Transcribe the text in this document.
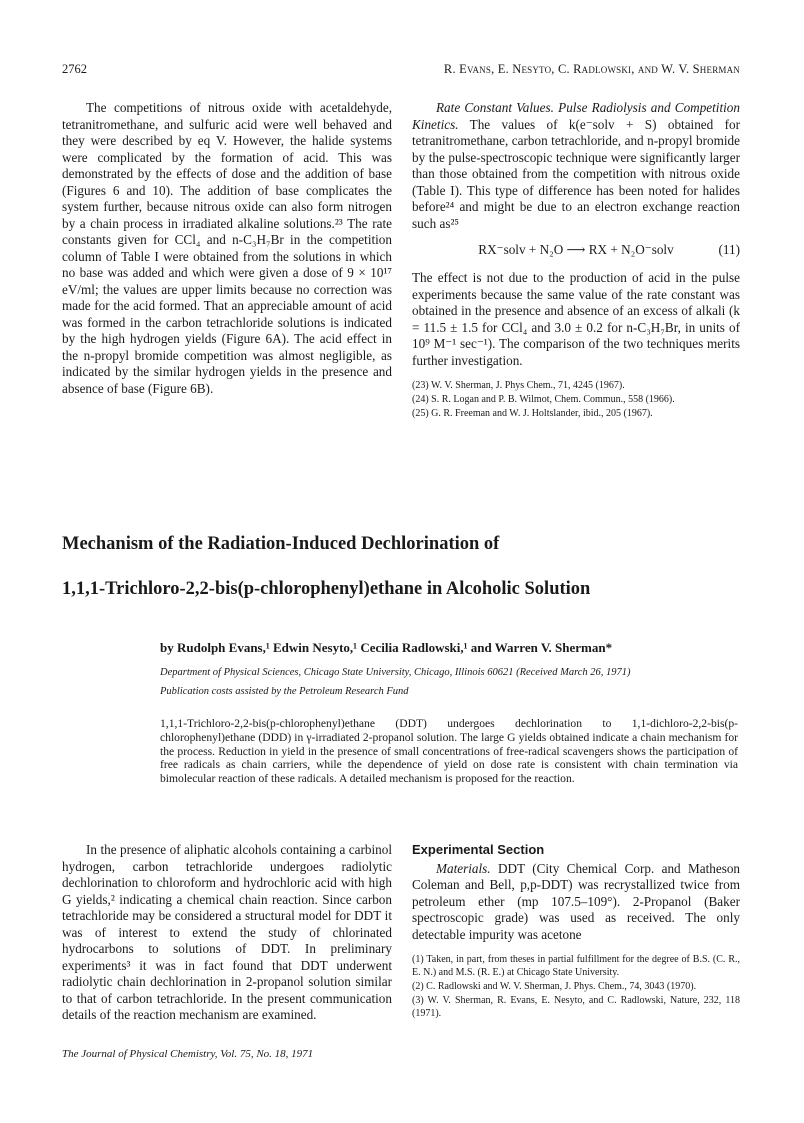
2762	R. Evans, E. Nesyto, C. Radlowski, and W. V. Sherman

The competitions of nitrous oxide with acetaldehyde, tetranitromethane, and sulfuric acid were well behaved and they were described by eq V. However, the halide systems were complicated by the formation of acid. This was demonstrated by the effects of dose and the addition of base (Figures 6 and 10). The addition of base complicates the system further, because nitrous oxide can also form nitrogen by a chain process in irradiated alkaline solutions.²³ The rate constants given for CCl₄ and n-C₃H₇Br in the competition column of Table I were obtained from the solutions in which no base was added and which were given a dose of 9 × 10¹⁷ eV/ml; the values are upper limits because no correction was made for the acid formed. That an appreciable amount of acid was formed in the carbon tetrachloride solutions is indicated by the high hydrogen yields (Figure 6A). The acid effect in the n-propyl bromide competition was almost negligible, as indicated by the similar hydrogen yields in the presence and absence of base (Figure 6B).

Rate Constant Values. Pulse Radiolysis and Competition Kinetics. The values of k(e⁻solv + S) obtained for tetranitromethane, carbon tetrachloride, and n-propyl bromide by the pulse-spectroscopic technique were significantly larger than those obtained from the competition with nitrous oxide (Table I). This type of difference has been noted for halides before²⁴ and might be due to an electron exchange reaction such as²⁵

RX⁻solv + N₂O ⟶ RX + N₂O⁻solv	(11)

The effect is not due to the production of acid in the pulse experiments because the same value of the rate constant was obtained in the presence and absence of an excess of alkali (k = 11.5 ± 1.5 for CCl₄ and 3.0 ± 0.2 for n-C₃H₇Br, in units of 10⁹ M⁻¹ sec⁻¹). The comparison of the two techniques merits further investigation.

(23) W. V. Sherman, J. Phys Chem., 71, 4245 (1967).
(24) S. R. Logan and P. B. Wilmot, Chem. Commun., 558 (1966).
(25) G. R. Freeman and W. J. Holtslander, ibid., 205 (1967).
Mechanism of the Radiation-Induced Dechlorination of
1,1,1-Trichloro-2,2-bis(p-chlorophenyl)ethane in Alcoholic Solution
by Rudolph Evans,¹ Edwin Nesyto,¹ Cecilia Radlowski,¹ and Warren V. Sherman*
Department of Physical Sciences, Chicago State University, Chicago, Illinois 60621 (Received March 26, 1971)
Publication costs assisted by the Petroleum Research Fund
1,1,1-Trichloro-2,2-bis(p-chlorophenyl)ethane (DDT) undergoes dechlorination to 1,1-dichloro-2,2-bis(p-chlorophenyl)ethane (DDD) in γ-irradiated 2-propanol solution. The large G yields obtained indicate a chain mechanism for the process. Reduction in yield in the presence of small concentrations of free-radical scavengers shows the participation of free radicals as chain carriers, while the dependence of yield on dose rate is consistent with chain termination via bimolecular reaction of these radicals. A detailed mechanism is proposed for the reaction.

In the presence of aliphatic alcohols containing a carbinol hydrogen, carbon tetrachloride undergoes radiolytic dechlorination to chloroform and hydrochloric acid with high G yields,² indicating a chemical chain reaction. Since carbon tetrachloride may be considered a structural model for DDT it was of interest to extend the study of chlorinated hydrocarbons to solutions of DDT. In preliminary experiments³ it was in fact found that DDT underwent radiolytic chain dechlorination in 2-propanol solution similar to that of carbon tetrachloride. In the present communication details of the reaction mechanism are examined.

Experimental Section

Materials. DDT (City Chemical Corp. and Matheson Coleman and Bell, p,p-DDT) was recrystallized twice from petroleum ether (mp 107.5–109°). 2-Propanol (Baker spectroscopic grade) was used as received. The only detectable impurity was acetone

(1) Taken, in part, from theses in partial fulfillment for the degree of B.S. (C. R., E. N.) and M.S. (R. E.) at Chicago State University.
(2) C. Radlowski and W. V. Sherman, J. Phys. Chem., 74, 3043 (1970).
(3) W. V. Sherman, R. Evans, E. Nesyto, and C. Radlowski, Nature, 232, 118 (1971).
The Journal of Physical Chemistry, Vol. 75, No. 18, 1971
